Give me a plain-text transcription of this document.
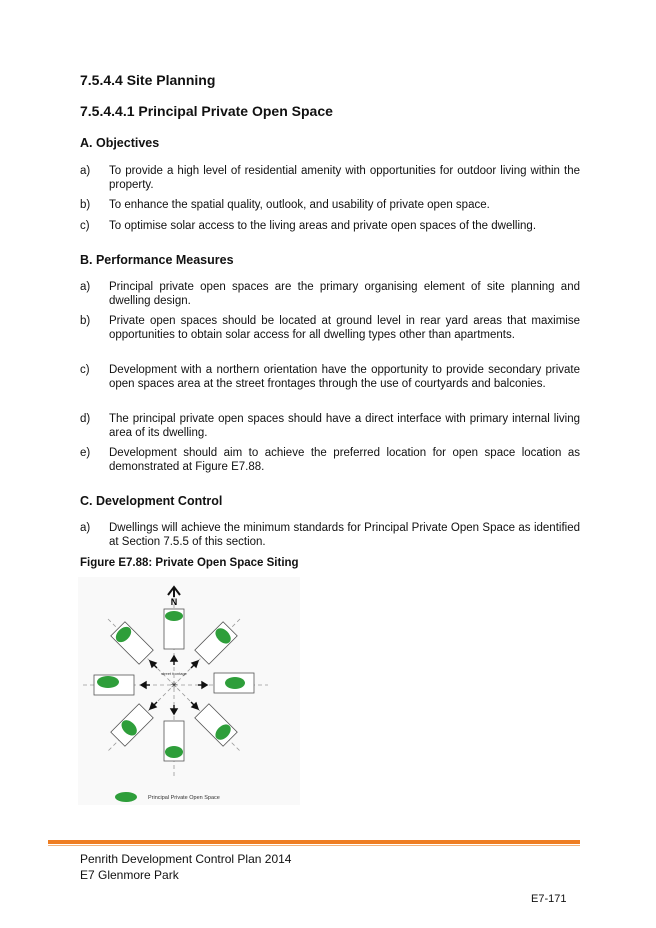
7.5.4.4 Site Planning
7.5.4.4.1 Principal Private Open Space
A. Objectives
a) To provide a high level of residential amenity with opportunities for outdoor living within the property.
b) To enhance the spatial quality, outlook, and usability of private open space.
c) To optimise solar access to the living areas and private open spaces of the dwelling.
B. Performance Measures
a) Principal private open spaces are the primary organising element of site planning and dwelling design.
b) Private open spaces should be located at ground level in rear yard areas that maximise opportunities to obtain solar access for all dwelling types other than apartments.
c) Development with a northern orientation have the opportunity to provide secondary private open spaces area at the street frontages through the use of courtyards and balconies.
d) The principal private open spaces should have a direct interface with primary internal living area of its dwelling.
e) Development should aim to achieve the preferred location for open space location as demonstrated at Figure E7.88.
C. Development Control
a) Dwellings will achieve the minimum standards for Principal Private Open Space as identified at Section 7.5.5 of this section.
Figure E7.88: Private Open Space Siting
N
street frontage
✳
Principal Private Open Space
Penrith Development Control Plan 2014
E7 Glenmore Park
E7-171
